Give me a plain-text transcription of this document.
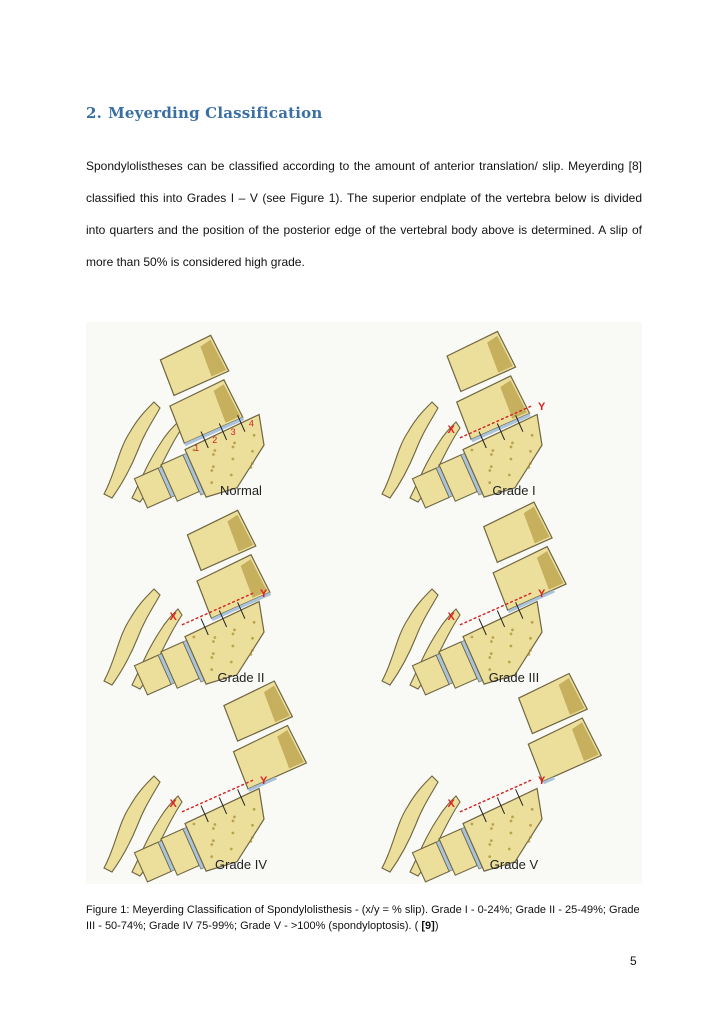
2. Meyerding Classification

Spondylolistheses can be classified according to the amount of anterior translation/ slip. Meyerding [8] classified this into Grades I – V (see Figure 1). The superior endplate of the vertebra below is divided into quarters and the position of the posterior edge of the vertebral body above is determined. A slip of more than 50% is considered high grade.

1
2
3
4
Normal
X
Y
Grade I
X
Y
Grade II
X
Y
Grade III
X
Y
Grade IV
X
Y
Grade V

Figure 1: Meyerding Classification of Spondylolisthesis - (x/y = % slip). Grade I - 0-24%; Grade II - 25-49%; Grade III - 50-74%; Grade IV 75-99%; Grade V - >100% (spondyloptosis). ( [9])

5
